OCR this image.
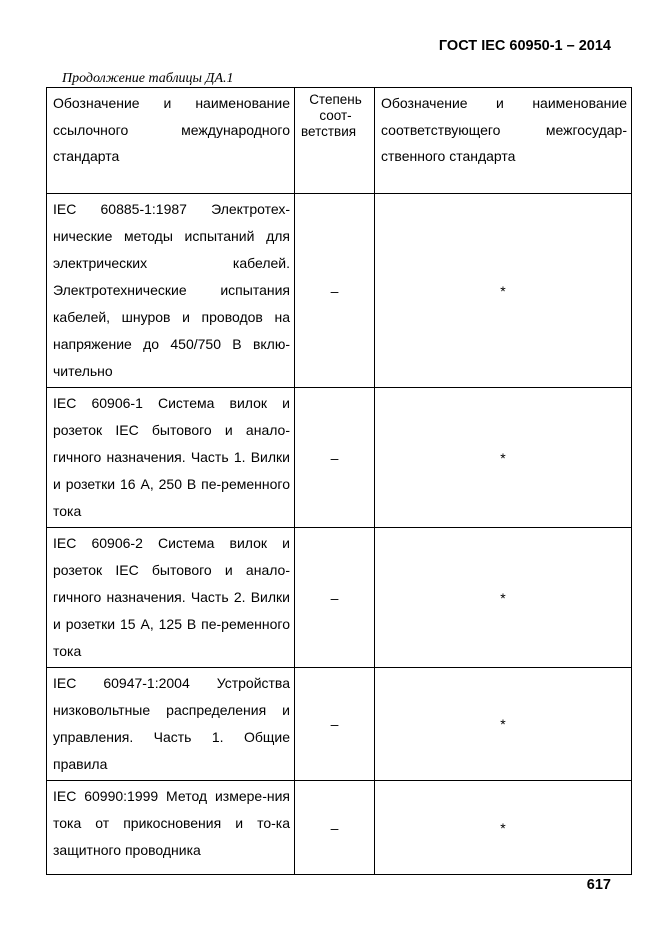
ГОСТ IEC 60950-1 – 2014
Продолжение таблицы ДА.1
Обозначение и наименование ссылочного международного стандарта	Степень соот-ветствия	Обозначение и наименование соответствующего межгосудар-ственного стандарта

IEC 60885-1:1987 Электротех-нические методы испытаний для электрических кабелей. Электротехнические испытания кабелей, шнуров и проводов на напряжение до 450/750 В вклю-чительно	–	*

IEC 60906-1 Система вилок и розеток IEC бытового и анало-гичного назначения. Часть 1. Вилки и розетки 16 А, 250 В пе-ременного тока	–	*

IEC 60906-2 Система вилок и розеток IEC бытового и анало-гичного назначения. Часть 2. Вилки и розетки 15 А, 125 В пе-ременного тока	–	*

IEC 60947-1:2004 Устройства низковольтные распределения и управления. Часть 1. Общие правила	–	*

IEC 60990:1999 Метод измере-ния тока от прикосновения и то-ка защитного проводника	–	*
617
